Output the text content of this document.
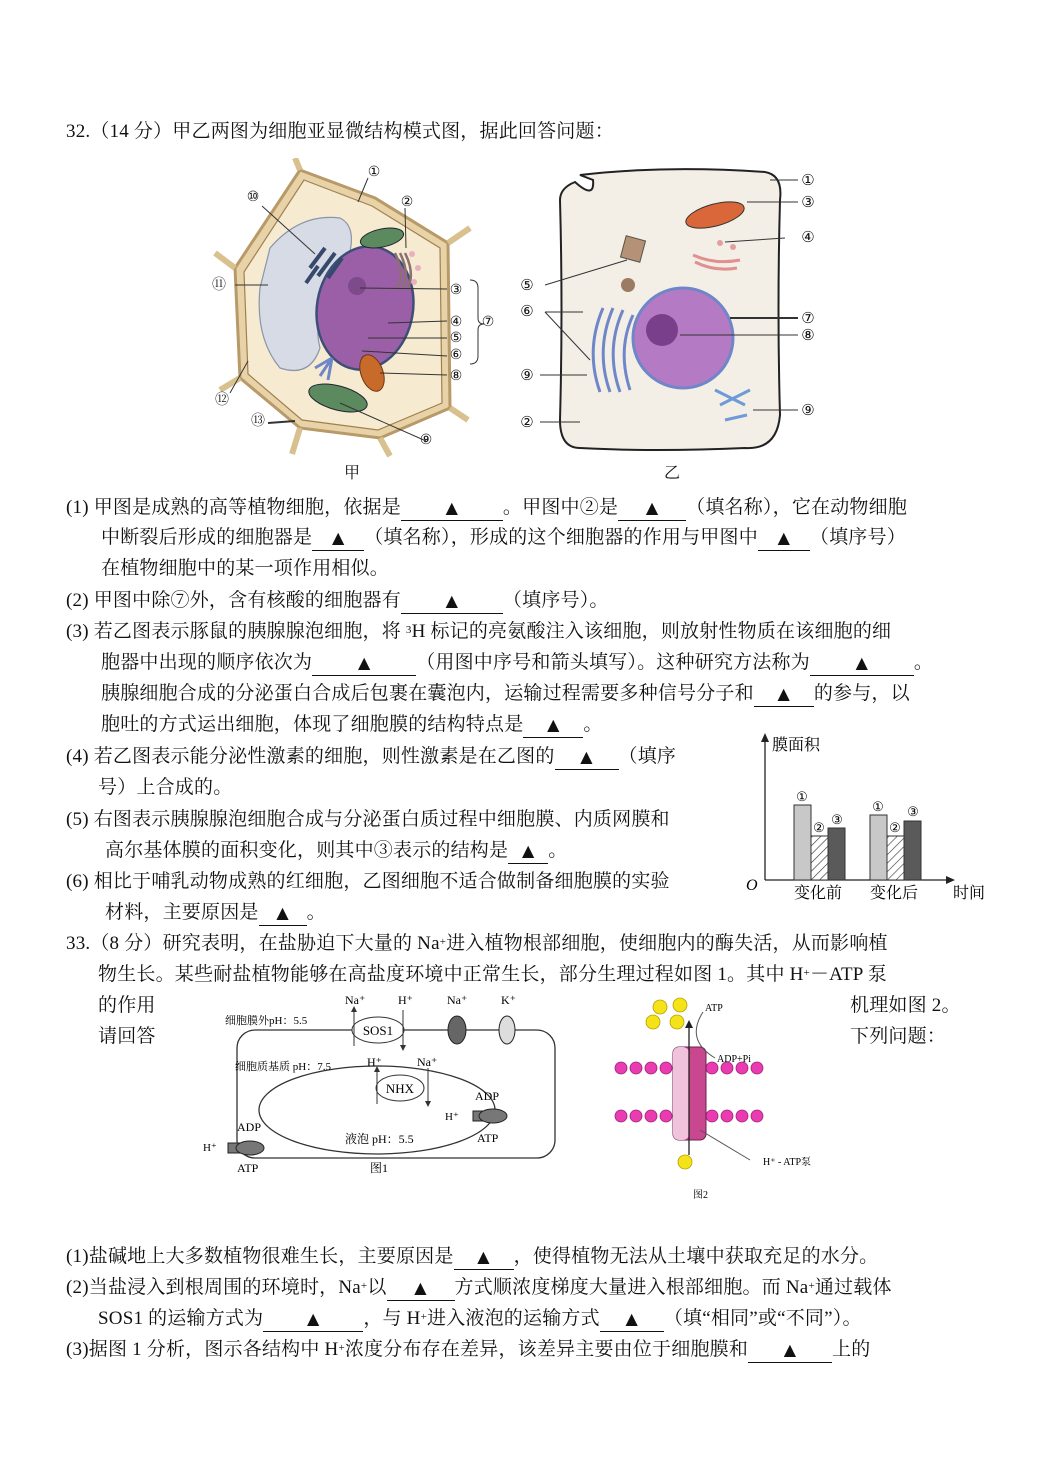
32.（14 分）甲乙两图为细胞亚显微结构模式图，据此回答问题：
①
②
③
④
⑤
⑥
⑦
⑧
⑨
⑩
⑪
⑫
⑬
甲
①
③
④
⑤
⑥	⑦
⑧
⑨
②
⑨
乙
(1) 甲图是成熟的高等植物细胞，依据是	▲ 。甲图中②是 ▲ （填名称），它在动物细胞
中断裂后形成的细胞器是 ▲ （填名称），形成的这个细胞器的作用与甲图中 ▲ （填序号）
在植物细胞中的某一项作用相似。
(2) 甲图中除⑦外，含有核酸的细胞器有	▲ （填序号）。
(3) 若乙图表示豚鼠的胰腺腺泡细胞，将 $^3$H 标记的亮氨酸注入该细胞，则放射性物质在该细胞的细
胞器中出现的顺序依次为	▲ （用图中序号和箭头填写）。这种研究方法称为	▲ 。
胰腺细胞合成的分泌蛋白合成后包裹在囊泡内，运输过程需要多种信号分子和 ▲ 的参与，以
胞吐的方式运出细胞，体现了细胞膜的结构特点是 ▲ 。
(4) 若乙图表示能分泌性激素的细胞，则性激素是在乙图的 ▲ （填序
号）上合成的。
(5) 右图表示胰腺腺泡细胞合成与分泌蛋白质过程中细胞膜、内质网膜和
高尔基体膜的面积变化，则其中③表示的结构是 ▲ 。
(6) 相比于哺乳动物成熟的红细胞，乙图细胞不适合做制备细胞膜的实验
材料，主要原因是 ▲ 。
膜面积
O	时间
①
②
③
变化前
①
②
③
变化后
33.（8 分）研究表明，在盐胁迫下大量的 Na+进入植物根部细胞，使细胞内的酶失活，从而影响植
物生长。某些耐盐植物能够在高盐度环境中正常生长，部分生理过程如图 1。其中 H+－ATP 泵
的作用
请回答
机理如图 2。
下列问题：
SOS1
Na⁺	H⁺	Na⁺	K⁺
细胞膜外pH：5.5
细胞质基质 pH：7.5
NHX
H⁺	Na⁺
液泡 pH：5.5
H⁺
ADP
ATP
H⁺
ADP
ATP	图1
ATP
ADP+Pi
H⁺ - ATP泵
图2
(1)盐碱地上大多数植物很难生长，主要原因是 ▲ ，使得植物无法从土壤中获取充足的水分。
(2)当盐浸入到根周围的环境时，Na+以 ▲ 方式顺浓度梯度大量进入根部细胞。而 Na+通过载体
SOS1 的运输方式为	▲ ，与 H+进入液泡的运输方式 ▲ （填“相同”或“不同”）。
(3)据图 1 分析，图示各结构中 H+浓度分布存在差异，该差异主要由位于细胞膜和 ▲ 上的
